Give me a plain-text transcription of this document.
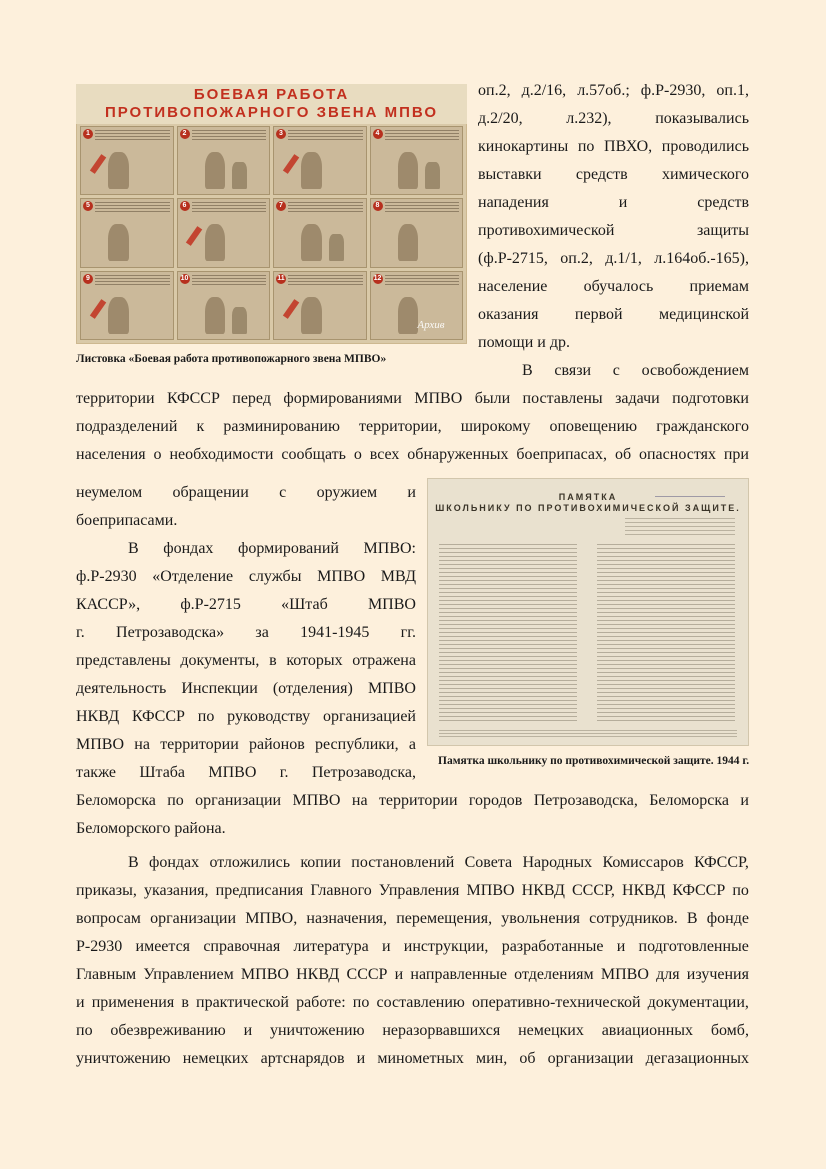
БОЕВАЯ РАБОТА
ПРОТИВОПОЖАРНОГО ЗВЕНА МПВО
1	2	3	4
5	6	7	8
9	10	11	12
Архив
Листовка «Боевая работа противопожарного звена МПВО»
ПАМЯТКА
ШКОЛЬНИКУ ПО ПРОТИВОХИМИЧЕСКОЙ ЗАЩИТЕ.
Памятка школьнику по противохимической защите. 1944 г.
оп.2, д.2/16, л.57об.; ф.Р-2930, оп.1,
д.2/20,	л.232),	показывались
кинокартины по ПВХО, проводились
выставки средств химического
нападения	и	средств
противохимической	защиты
(ф.Р-2715, оп.2, д.1/1, л.164об.-165),
население обучалось приемам
оказания первой медицинской
помощи и др.
В связи с освобождением
территории КФССР перед формированиями МПВО были поставлены задачи подготовки
подразделений к разминированию территории, широкому оповещению гражданского
населения о необходимости сообщать о всех обнаруженных боеприпасах, об опасностях при
неумелом обращении с оружием и
боеприпасами.
В фондах формирований МПВО:
ф.Р-2930 «Отделение службы МПВО МВД
КАССР»,	ф.Р-2715	«Штаб	МПВО
г. Петрозаводска» за 1941-1945 гг.
представлены документы, в которых отражена
деятельность Инспекции (отделения) МПВО
НКВД КФССР по руководству организацией
МПВО на территории районов республики, а
также Штаба МПВО г. Петрозаводска,
Беломорска по организации МПВО на территории городов Петрозаводска, Беломорска и
Беломорского района.
В фондах отложились копии постановлений Совета Народных Комиссаров КФССР,
приказы, указания, предписания Главного Управления МПВО НКВД СССР, НКВД КФССР по
вопросам организации МПВО, назначения, перемещения, увольнения сотрудников. В фонде
Р-2930 имеется справочная литература и инструкции, разработанные и подготовленные
Главным Управлением МПВО НКВД СССР и направленные отделениям МПВО для изучения
и применения в практической работе: по составлению оперативно-технической документации,
по обезвреживанию и уничтожению неразорвавшихся немецких авиационных бомб,
уничтожению немецких артснарядов и минометных мин, об организации дегазационных
